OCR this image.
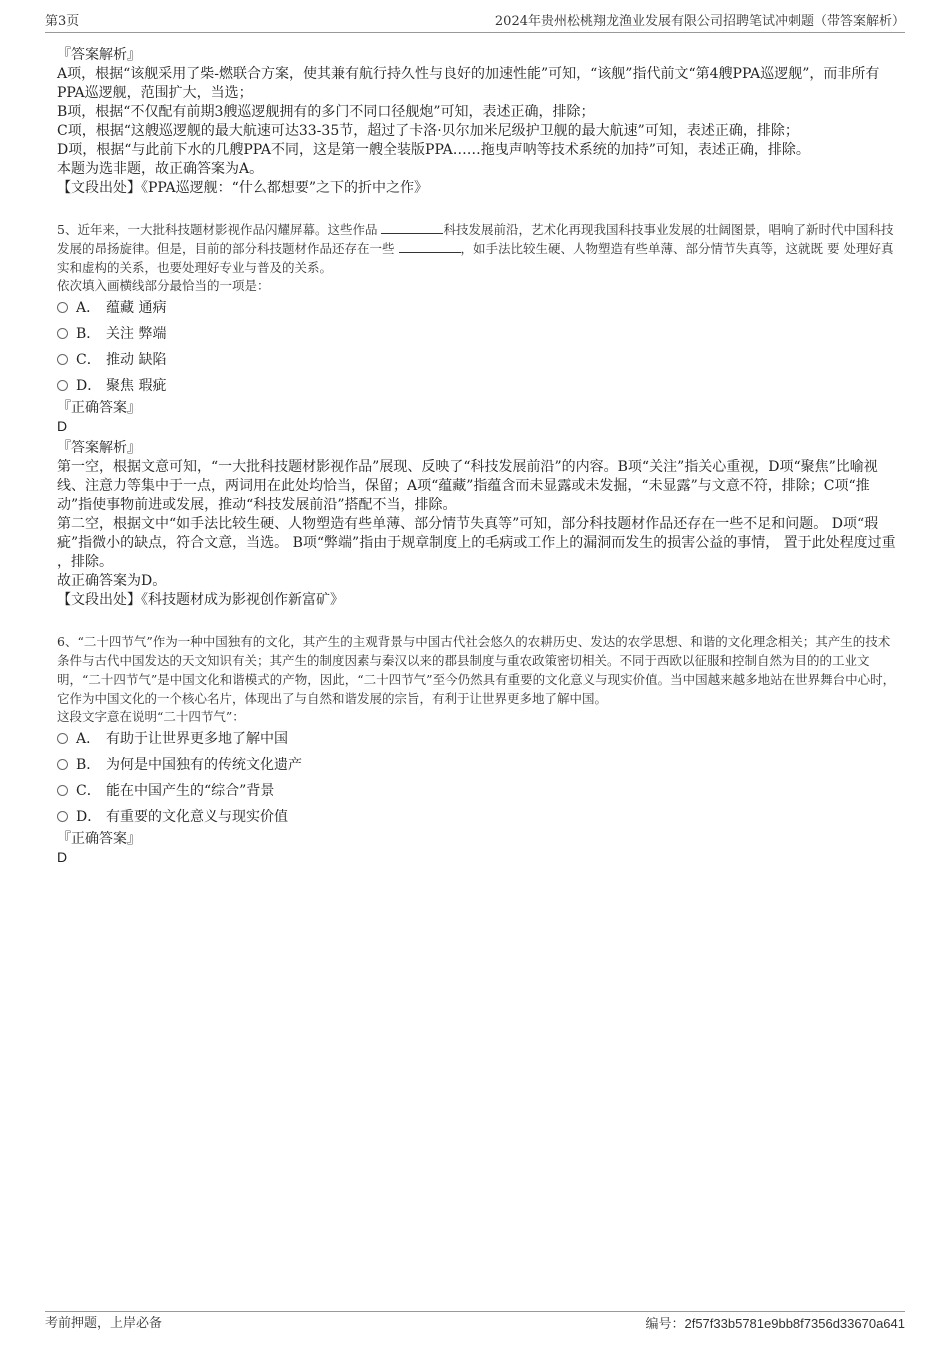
第3页	2024年贵州松桃翔龙渔业发展有限公司招聘笔试冲刺题（带答案解析）
『答案解析』

A项，根据“该舰采用了柴-燃联合方案，使其兼有航行持久性与良好的加速性能”可知，“该舰”指代前文“第4艘PPA巡逻舰”，而非所有PPA巡逻舰，范围扩大，当选；

B项，根据“不仅配有前期3艘巡逻舰拥有的多门不同口径舰炮”可知，表述正确，排除；

C项，根据“这艘巡逻舰的最大航速可达33-35节，超过了卡洛·贝尔加米尼级护卫舰的最大航速”可知，表述正确，排除；

D项，根据“与此前下水的几艘PPA不同，这是第一艘全装版PPA……拖曳声呐等技术系统的加持”可知，表述正确，排除。

本题为选非题，故正确答案为A。

【文段出处】《PPA巡逻舰：“什么都想要”之下的折中之作》

5、近年来，一大批科技题材影视作品闪耀屏幕。这些作品	科技发展前沿，艺术化再现我国科技事业发展的壮阔图景，唱响了新时代中国科技发展的昂扬旋律。但是，目前的部分科技题材作品还存在一些	，如手法比较生硬、人物塑造有些单薄、部分情节失真等，这就既 要 处理好真实和虚构的关系，也要处理好专业与普及的关系。

依次填入画横线部分最恰当的一项是：

A． 蕴藏 通病
B． 关注 弊端
C． 推动 缺陷
D． 聚焦 瑕疵
『正确答案』
D
『答案解析』

第一空，根据文意可知，“一大批科技题材影视作品”展现、反映了“科技发展前沿”的内容。B项“关注”指关心重视，D项“聚焦”比喻视线、注意力等集中于一点，两词用在此处均恰当，保留；A项“蕴藏”指蕴含而未显露或未发掘，“未显露”与文意不符，排除；C项“推动”指使事物前进或发展，推动“科技发展前沿”搭配不当，排除。

第二空，根据文中“如手法比较生硬、人物塑造有些单薄、部分情节失真等”可知，部分科技题材作品还存在一些不足和问题。 D项“瑕疵”指微小的缺点，符合文意，当选。 B项“弊端”指由于规章制度上的毛病或工作上的漏洞而发生的损害公益的事情， 置于此处程度过重 ，排除。

故正确答案为D。

【文段出处】《科技题材成为影视创作新富矿》

6、“二十四节气”作为一种中国独有的文化，其产生的主观背景与中国古代社会悠久的农耕历史、发达的农学思想、和谐的文化理念相关；其产生的技术条件与古代中国发达的天文知识有关；其产生的制度因素与秦汉以来的郡县制度与重农政策密切相关。不同于西欧以征服和控制自然为目的的工业文明，“二十四节气”是中国文化和谐模式的产物，因此，“二十四节气”至今仍然具有重要的文化意义与现实价值。当中国越来越多地站在世界舞台中心时，它作为中国文化的一个核心名片，体现出了与自然和谐发展的宗旨，有利于让世界更多地了解中国。

这段文字意在说明“二十四节气”：

A． 有助于让世界更多地了解中国
B． 为何是中国独有的传统文化遗产
C． 能在中国产生的“综合”背景
D． 有重要的文化意义与现实价值
『正确答案』
D
考前押题，上岸必备	编号：2f57f33b5781e9bb8f7356d33670a641
